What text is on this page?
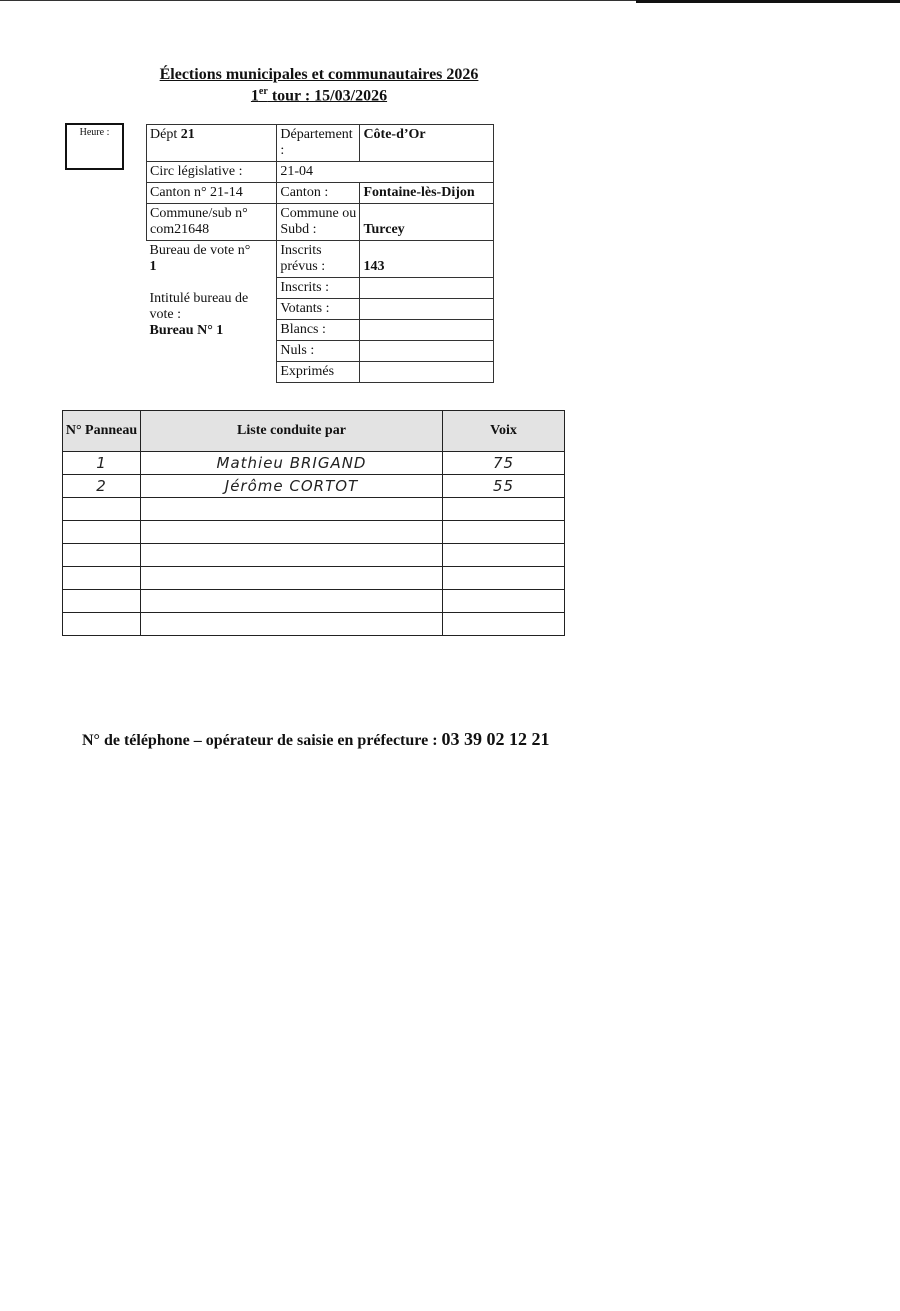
Élections municipales et communautaires 2026
1er tour : 15/03/2026
Heure :	Dépt 21	Département :	Côte-d’Or
Circ législative :	21-04	
Canton n° 21-14	Canton :	Fontaine-lès-Dijon

Commune/sub n°
com21648	Commune ou Subd :	Turcey

Bureau de vote n°
1
Intitulé bureau de vote :
Bureau N° 1	Inscrits prévus :	143
	Inscrits :	
	Votants :	
	Blancs :	
	Nuls :	
	Exprimés	
N° Panneau	Liste conduite par	Voix
1	Mathieu BRIGAND	75
2	Jérôme CORTOT	55

N° de téléphone – opérateur de saisie en préfecture : 03 39 02 12 21
